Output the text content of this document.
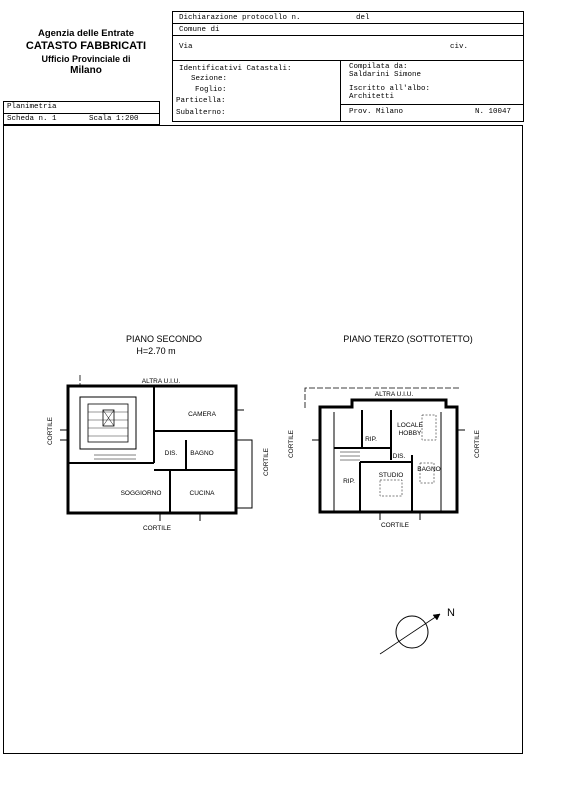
Agenzia delle Entrate
CATASTO FABBRICATI
Ufficio Provinciale di
Milano
Dichiarazione protocollo n.	del
Comune di
Via	civ.
Identificativi Catastali:
Sezione:
Foglio:
Particella:
Subalterno:
Compilata da:
Saldarini Simone
Iscritto all'albo:
Architetti
Prov. Milano	N. 10047
Planimetria
Scheda n. 1	Scala 1:200
PIANO SECONDO
H=2.70 m
ALTRA U.I.U.
CAMERA
BAGNO
DIS.
SOGGIORNO	CUCINA
CORTILE
CORTILE
CORTILE
PIANO TERZO (SOTTOTETTO)
ALTRA U.I.U.
LOCALE
HOBBY
RIP.
RIP.
DIS.
BAGNO
STUDIO
CORTILE	CORTILE
CORTILE
N
